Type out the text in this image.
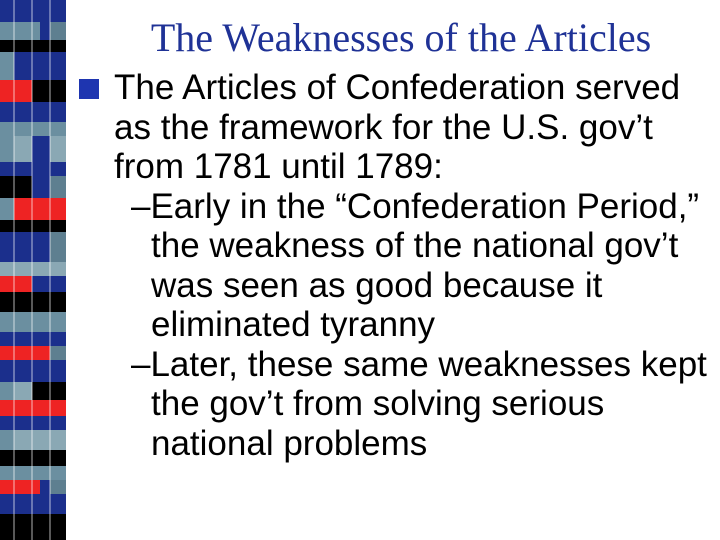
The Weaknesses of the Articles
The Articles of Confederation served as the framework for the U.S. gov’t from 1781 until 1789:
–Early in the “Confederation Period,” the weakness of the national gov’t was seen as good because it eliminated tyranny
–Later, these same weaknesses kept the gov’t from solving serious national problems
